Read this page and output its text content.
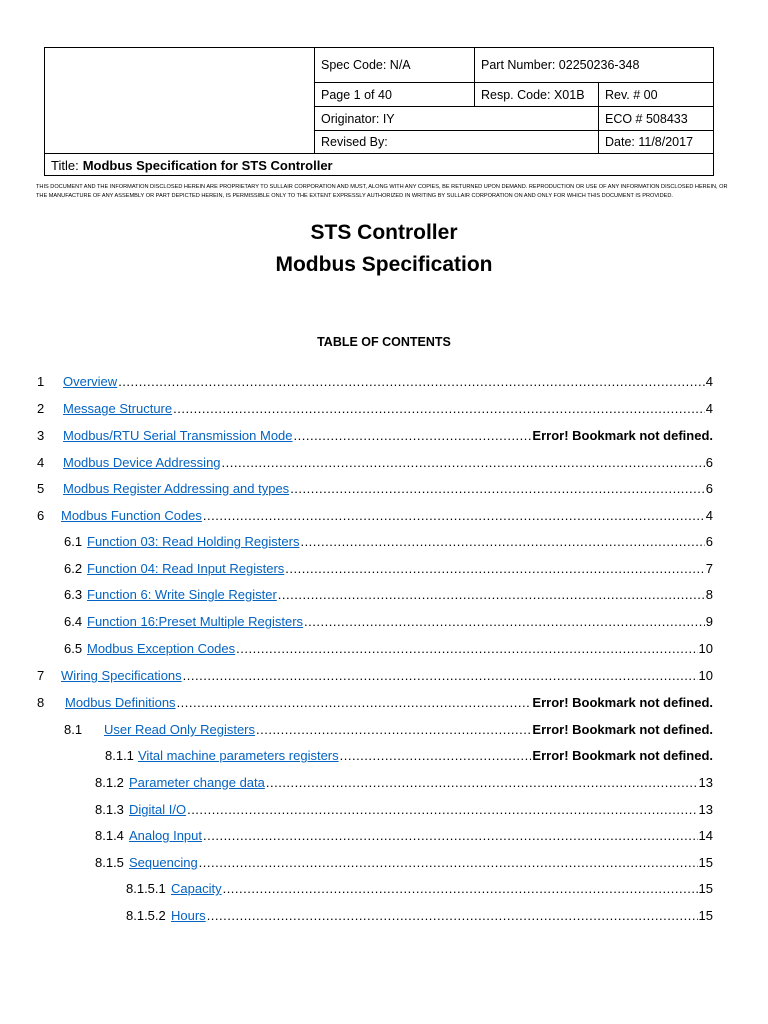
Spec Code: N/A	Part Number: 02250236-348
Page 1 of 40	Resp. Code: X01B Rev. # 00
Originator: IY	ECO # 508433
Revised By:	Date: 11/8/2017
Title: Modbus Specification for STS Controller
THIS DOCUMENT AND THE INFORMATION DISCLOSED HEREIN ARE PROPRIETARY TO SULLAIR CORPORATION AND MUST, ALONG WITH ANY COPIES, BE RETURNED UPON DEMAND. REPRODUCTION OR USE OF ANY INFORMATION DISCLOSED HEREIN, OR THE MANUFACTURE OF ANY ASSEMBLY OR PART DEPICTED HEREIN, IS PERMISSIBLE ONLY TO THE EXTENT EXPRESSLY AUTHORIZED IN WRITING BY SULLAIR CORPORATION ON AND ONLY FOR WHICH THIS DOCUMENT IS PROVIDED.
STS Controller
Modbus Specification
TABLE OF CONTENTS
1	Overview .....	4
2	Message Structure .....	4
3	Modbus/RTU Serial Transmission Mode .....	Error! Bookmark not defined.
4	Modbus Device Addressing .....	6
5	Modbus Register Addressing and types .....	6
6	Modbus Function Codes .....	4
6.1 Function 03: Read Holding Registers .....	6
6.2 Function 04: Read Input Registers .....	7
6.3 Function 6: Write Single Register .....	8
6.4 Function 16:Preset Multiple Registers .....	9
6.5 Modbus Exception Codes .....	10
7	Wiring Specifications .....	10
8	Modbus Definitions .....	Error! Bookmark not defined.
8.1	User Read Only Registers .....	Error! Bookmark not defined.
8.1.1 Vital machine parameters registers .....	Error! Bookmark not defined.
8.1.2 Parameter change data .....	13
8.1.3 Digital I/O .....	13
8.1.4 Analog Input .....	14
8.1.5 Sequencing .....	15
8.1.5.1 Capacity .....	15
8.1.5.2 Hours .....	15
